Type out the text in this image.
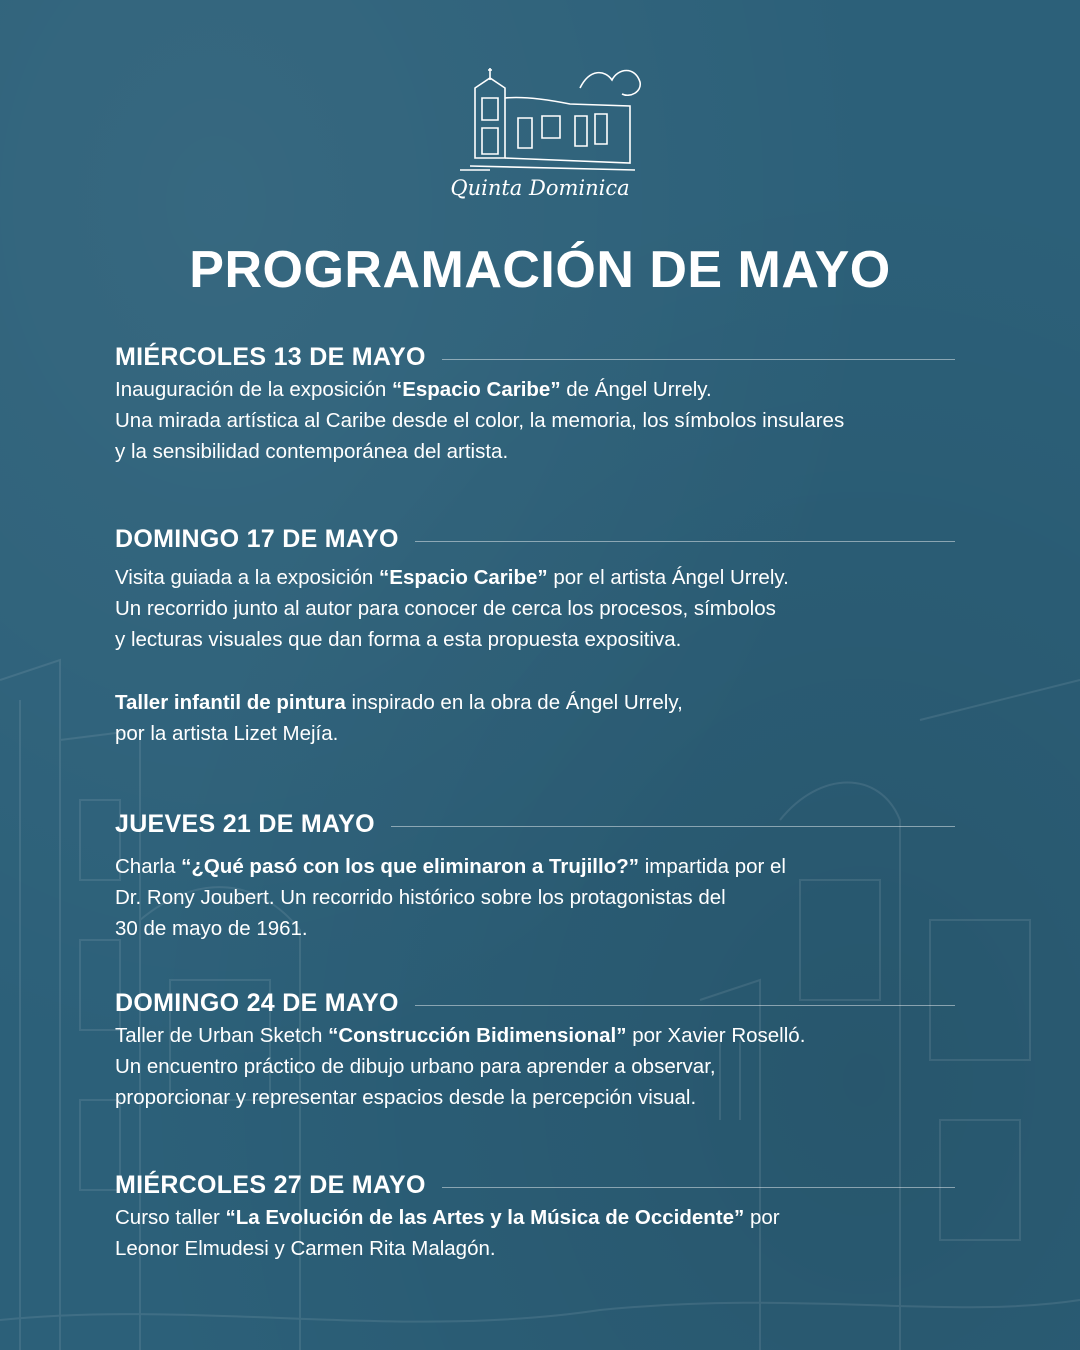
Quinta Dominica
PROGRAMACIÓN DE MAYO
MIÉRCOLES 13 DE MAYO
Inauguración de la exposición “Espacio Caribe” de Ángel Urrely.
Una mirada artística al Caribe desde el color, la memoria, los símbolos insulares
y la sensibilidad contemporánea del artista.
DOMINGO 17 DE MAYO
Visita guiada a la exposición “Espacio Caribe” por el artista Ángel Urrely.
Un recorrido junto al autor para conocer de cerca los procesos, símbolos
y lecturas visuales que dan forma a esta propuesta expositiva.
Taller infantil de pintura inspirado en la obra de Ángel Urrely,
por la artista Lizet Mejía.
JUEVES 21 DE MAYO
Charla “¿Qué pasó con los que eliminaron a Trujillo?” impartida por el
Dr. Rony Joubert. Un recorrido histórico sobre los protagonistas del
30 de mayo de 1961.
DOMINGO 24 DE MAYO
Taller de Urban Sketch “Construcción Bidimensional” por Xavier Roselló.
Un encuentro práctico de dibujo urbano para aprender a observar,
proporcionar y representar espacios desde la percepción visual.
MIÉRCOLES 27 DE MAYO
Curso taller “La Evolución de las Artes y la Música de Occidente” por
Leonor Elmudesi y Carmen Rita Malagón.
